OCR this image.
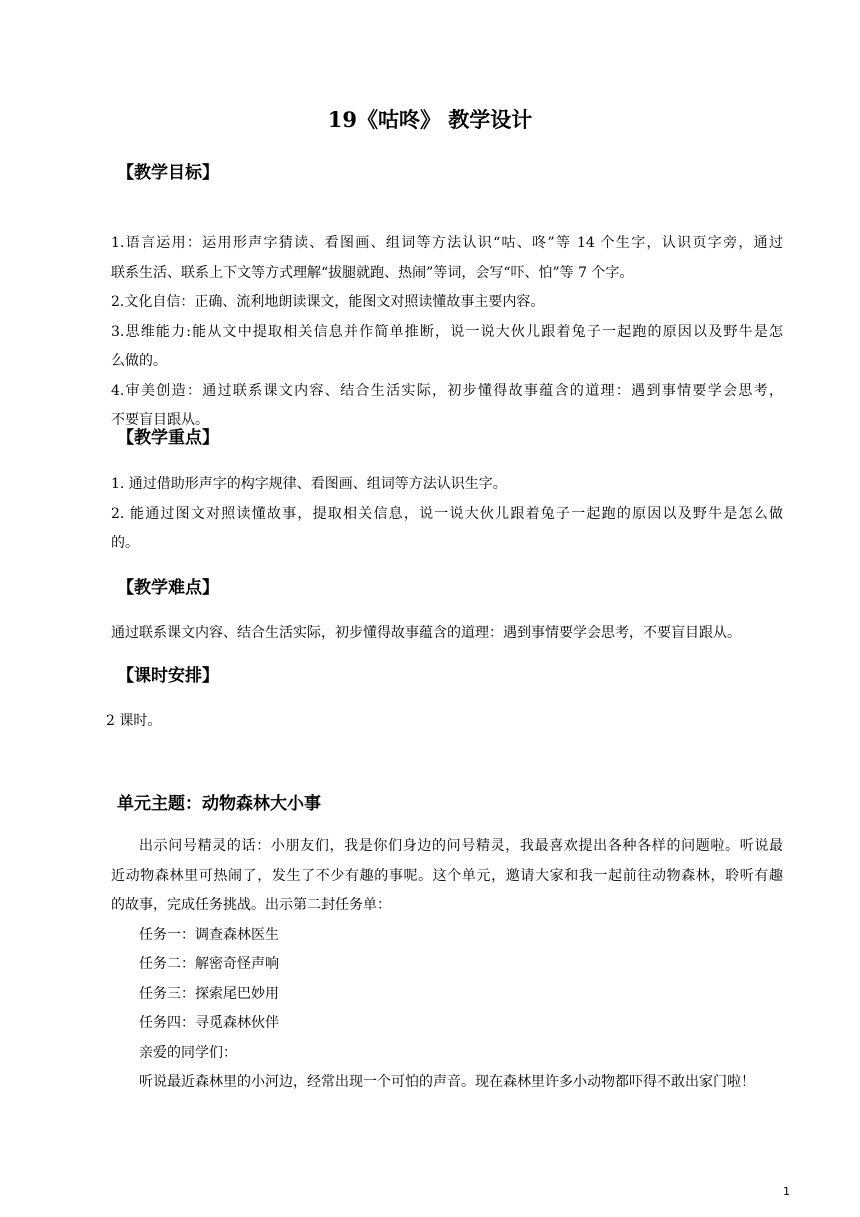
19《咕咚》 教学设计
【教学目标】
1.语言运用：运用形声字猜读、看图画、组词等方法认识“咕、咚”等 14 个生字，认识页字旁，通过
联系生活、联系上下文等方式理解“拔腿就跑、热闹”等词，会写“吓、怕”等 7 个字。
2.文化自信：正确、流利地朗读课文，能图文对照读懂故事主要内容。
3.思维能力:能从文中提取相关信息并作简单推断，说一说大伙儿跟着兔子一起跑的原因以及野牛是怎
么做的。
4.审美创造：通过联系课文内容、结合生活实际，初步懂得故事蕴含的道理：遇到事情要学会思考，
不要盲目跟从。
【教学重点】
1. 通过借助形声字的构字规律、看图画、组词等方法认识生字。
2. 能通过图文对照读懂故事，提取相关信息，说一说大伙儿跟着兔子一起跑的原因以及野牛是怎么做
的。
【教学难点】
通过联系课文内容、结合生活实际，初步懂得故事蕴含的道理：遇到事情要学会思考，不要盲目跟从。
【课时安排】
2 课时。
单元主题：动物森林大小事
出示问号精灵的话：小朋友们，我是你们身边的问号精灵，我最喜欢提出各种各样的问题啦。听说最
近动物森林里可热闹了，发生了不少有趣的事呢。这个单元，邀请大家和我一起前往动物森林，聆听有趣
的故事，完成任务挑战。出示第二封任务单：
任务一：调查森林医生
任务二：解密奇怪声响
任务三：探索尾巴妙用
任务四：寻觅森林伙伴
亲爱的同学们：
听说最近森林里的小河边，经常出现一个可怕的声音。现在森林里许多小动物都吓得不敢出家门啦！
1
